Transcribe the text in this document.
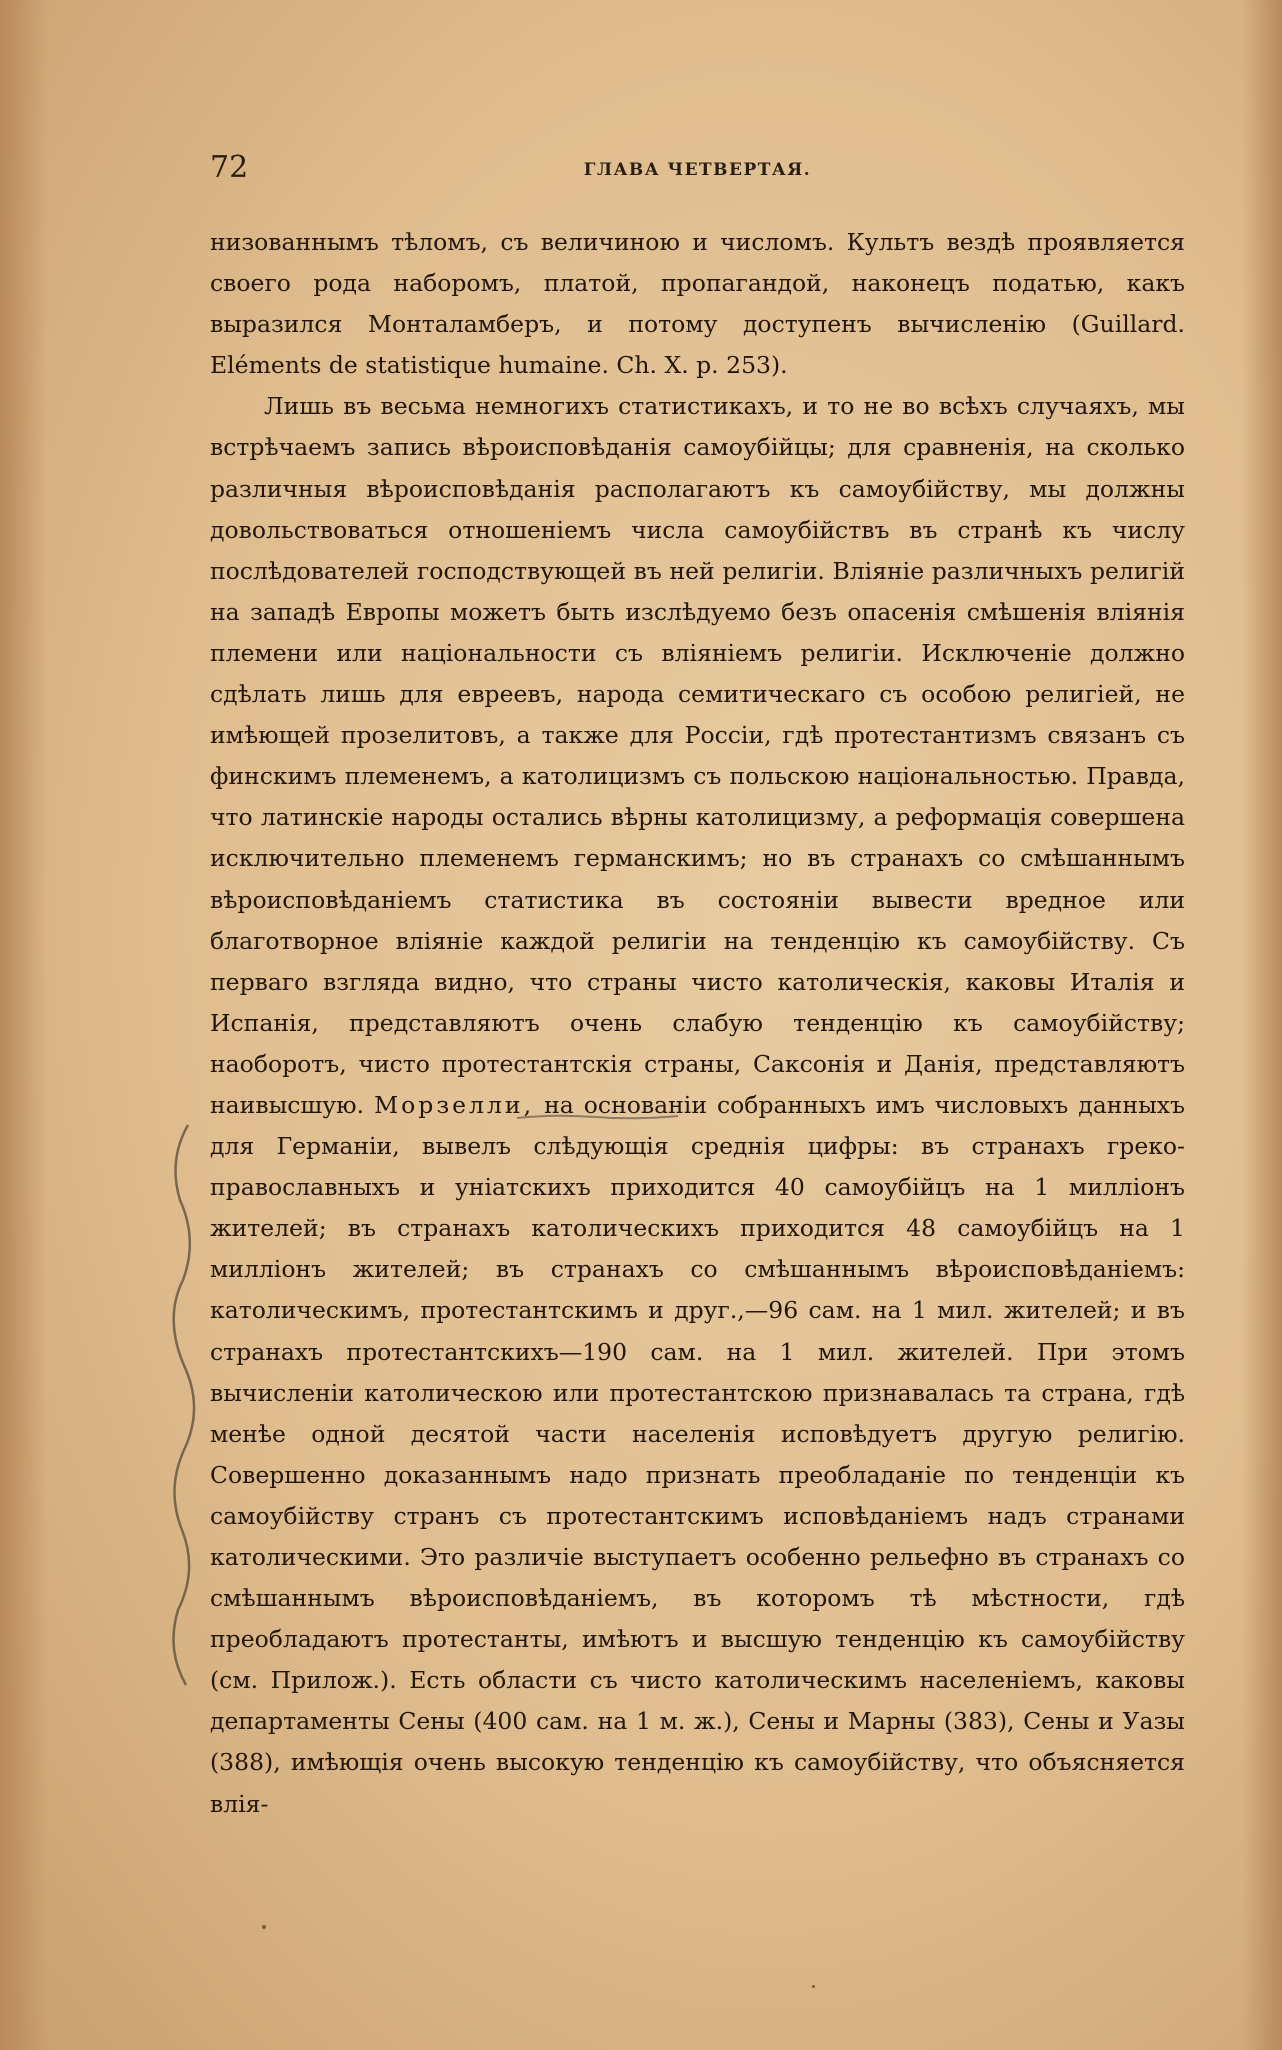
72	ГЛАВА ЧЕТВЕРТАЯ.

низованнымъ тѣломъ, съ величиною и числомъ. Культъ вездѣ проявляется своего рода наборомъ, платой, пропагандой, наконецъ податью, какъ выразился Монталамберъ, и потому доступенъ вычисленію (Guillard. Eléments de statistique humaine. Ch. X. p. 253).

Лишь въ весьма немногихъ статистикахъ, и то не во всѣхъ случаяхъ, мы встрѣчаемъ запись вѣроисповѣданія самоубійцы; для сравненія, на сколько различныя вѣроисповѣданія располагаютъ къ самоубійству, мы должны довольствоваться отношеніемъ числа самоубійствъ въ странѣ къ числу послѣдователей господствующей въ ней религіи. Вліяніе различныхъ религій на западѣ Европы можетъ быть изслѣдуемо безъ опасенія смѣшенія вліянія племени или національности съ вліяніемъ религіи. Исключеніе должно сдѣлать лишь для евреевъ, народа семитическаго съ особою религіей, не имѣющей прозелитовъ, а также для Россіи, гдѣ протестантизмъ связанъ съ финскимъ племенемъ, а католицизмъ съ польскою національностью. Правда, что латинскіе народы остались вѣрны католицизму, а реформація совершена исключительно племенемъ германскимъ; но въ странахъ со смѣшаннымъ вѣроисповѣданіемъ статистика въ состояніи вывести вредное или благотворное вліяніе каждой религіи на тенденцію къ самоубійству. Съ перваго взгляда видно, что страны чисто католическія, каковы Италія и Испанія, представляютъ очень слабую тенденцію къ самоубійству; наоборотъ, чисто протестантскія страны, Саксонія и Данія, представляютъ наивысшую. Морзелли, на основаніи собранныхъ имъ числовыхъ данныхъ для Германіи, вывелъ слѣдующія среднія цифры: въ странахъ греко-православныхъ и уніатскихъ приходится 40 самоубійцъ на 1 милліонъ жителей; въ странахъ католическихъ приходится 48 самоубійцъ на 1 милліонъ жителей; въ странахъ со смѣшаннымъ вѣроисповѣданіемъ: католическимъ, протестантскимъ и друг.,—96 сам. на 1 мил. жителей; и въ странахъ протестантскихъ—190 сам. на 1 мил. жителей. При этомъ вычисленіи католическою или протестантскою признавалась та страна, гдѣ менѣе одной десятой части населенія исповѣдуетъ другую религію. Совершенно доказаннымъ надо признать преобладаніе по тенденціи къ самоубійству странъ съ протестантскимъ исповѣданіемъ надъ странами католическими. Это различіе выступаетъ особенно рельефно въ странахъ со смѣшаннымъ вѣроисповѣданіемъ, въ которомъ тѣ мѣстности, гдѣ преобладаютъ протестанты, имѣютъ и высшую тенденцію къ самоубійству (см. Прилож.). Есть области съ чисто католическимъ населеніемъ, каковы департаменты Сены (400 сам. на 1 м. ж.), Сены и Марны (383), Сены и Уазы (388), имѣющія очень высокую тенденцію къ самоубійству, что объясняется влія-
